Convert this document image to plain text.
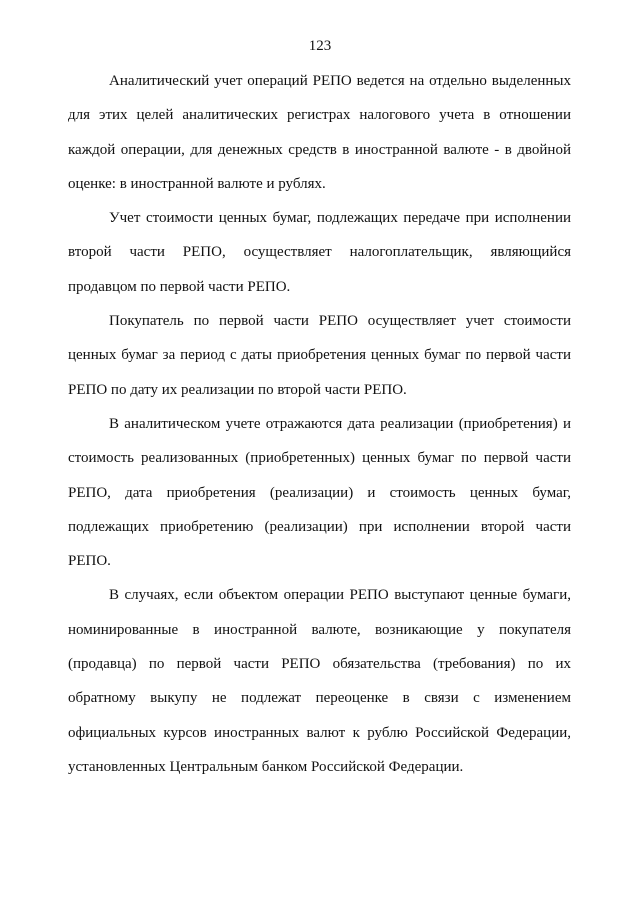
123

Аналитический учет операций РЕПО ведется на отдельно выделенных для этих целей аналитических регистрах налогового учета в отношении каждой операции, для денежных средств в иностранной валюте - в двойной оценке: в иностранной валюте и рублях.

Учет стоимости ценных бумаг, подлежащих передаче при исполнении второй части РЕПО, осуществляет налогоплательщик, являющийся продавцом по первой части РЕПО.

Покупатель по первой части РЕПО осуществляет учет стоимости ценных бумаг за период с даты приобретения ценных бумаг по первой части РЕПО по дату их реализации по второй части РЕПО.

В аналитическом учете отражаются дата реализации (приобретения) и стоимость реализованных (приобретенных) ценных бумаг по первой части РЕПО, дата приобретения (реализации) и стоимость ценных бумаг, подлежащих приобретению (реализации) при исполнении второй части РЕПО.

В случаях, если объектом операции РЕПО выступают ценные бумаги, номинированные в иностранной валюте, возникающие у покупателя (продавца) по первой части РЕПО обязательства (требования) по их обратному выкупу не подлежат переоценке в связи с изменением официальных курсов иностранных валют к рублю Российской Федерации, установленных Центральным банком Российской Федерации.
